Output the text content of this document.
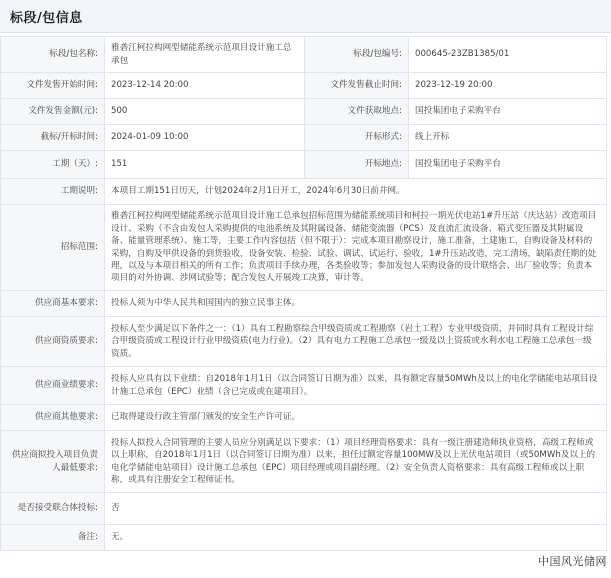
标段/包信息
标段/包名称:	雅砻江柯拉构网型储能系统示范项目设计施工总承包	标段/包编号:	000645-23ZB1385/01
文件发售开始时间:	2023-12-14 20:00	文件发售截止时间:	2023-12-19 20:00
文件发售金额(元):	500	文件获取地点:	国投集团电子采购平台
截标/开标时间:	2024-01-09 10:00	开标形式:	线上开标
工期（天）:	151	开标地点:	国投集团电子采购平台
工期说明:	本项目工期151日历天，计划2024年2月1日开工，2024年6月30日前并网。		
招标范围:	雅砻江柯拉构网型储能系统示范项目设计施工总承包招标范围为储能系统项目和柯拉一期光伏电站1#升压站（庆达站）改造项目设计、采购（不含由发包人采购提供的电池系统及其附属设备、储能变流器（PCS）及直流汇流设备、箱式变压器及其附属设备、能量管理系统）、施工等，主要工作内容包括（但不限于）：完成本项目勘察设计，施工准备，土建施工，自购设备及材料的采购，自购及甲供设备的到货验收，设备安装、检验、试验、调试、试运行、验收，1#升压站改造，完工清场，缺陷责任期的处理，以及与本项目相关的所有工作；负责项目手续办理，各类验收等；参加发包人采购设备的设计联络会、出厂验收等；负责本项目的对外协调、涉网试验等；配合发包人开展竣工决算，审计等。		
供应商基本要求:	投标人须为中华人民共和国国内的独立民事主体。		
供应商资质要求:	投标人至少满足以下条件之一：（1）具有工程勘察综合甲级资质或工程勘察（岩土工程）专业甲级资质，并同时具有工程设计综合甲级资质或工程设计行业甲级资质(电力行业)。（2）具有电力工程施工总承包一级及以上资质或水利水电工程施工总承包一级资质。		
供应商业绩要求:	投标人应具有以下业绩：自2018年1月1日（以合同签订日期为准）以来，具有额定容量50MWh及以上的电化学储能电站项目设计施工总承包（EPC）业绩（含已完成或在建项目）。		
供应商其他要求:	已取得建设行政主管部门颁发的安全生产许可证。		
供应商拟投入项目负责人最低要求:	投标人拟投入合同管理的主要人员应分别满足以下要求：（1）项目经理资格要求：具有一级注册建造师执业资格，高级工程师或以上职称，自2018年1月1日（以合同签订日期为准）以来，担任过额定容量100MW及以上光伏电站项目（或50MWh及以上的电化学储能电站项目）设计施工总承包（EPC）项目经理或项目副经理。（2）安全负责人资格要求：具有高级工程师或以上职称，或具有注册安全工程师证书。		
是否接受联合体投标:	否		
备注:	无。		
中国风光储网
